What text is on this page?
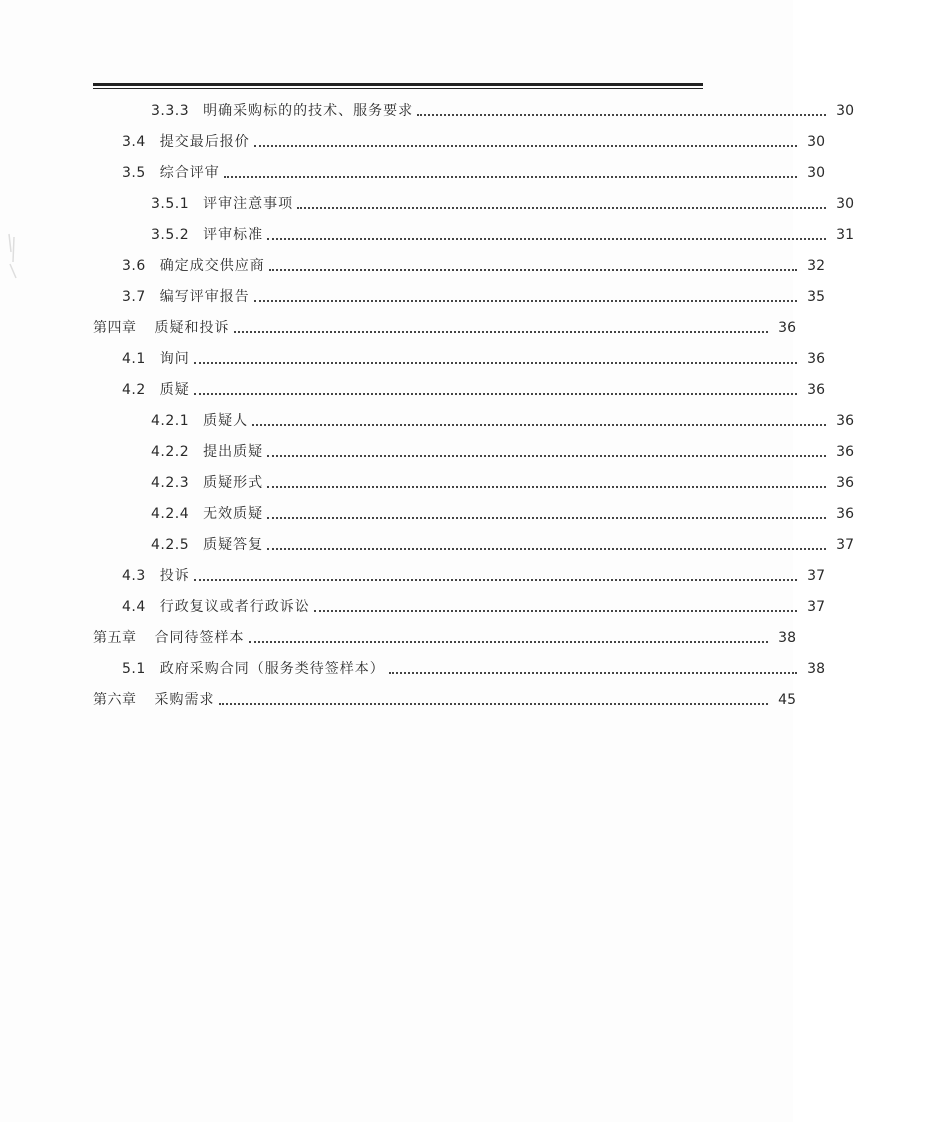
3.3.3 明确采购标的的技术、服务要求	30
3.4 提交最后报价	30
3.5 综合评审	30
3.5.1 评审注意事项	30
3.5.2 评审标准	31
3.6 确定成交供应商	32
3.7 编写评审报告	35
第四章 质疑和投诉	36
4.1 询问	36
4.2 质疑	36
4.2.1 质疑人	36
4.2.2 提出质疑	36
4.2.3 质疑形式	36
4.2.4 无效质疑	36
4.2.5 质疑答复	37
4.3 投诉	37
4.4 行政复议或者行政诉讼	37
第五章 合同待签样本	38
5.1 政府采购合同（服务类待签样本）	38
第六章 采购需求	45
